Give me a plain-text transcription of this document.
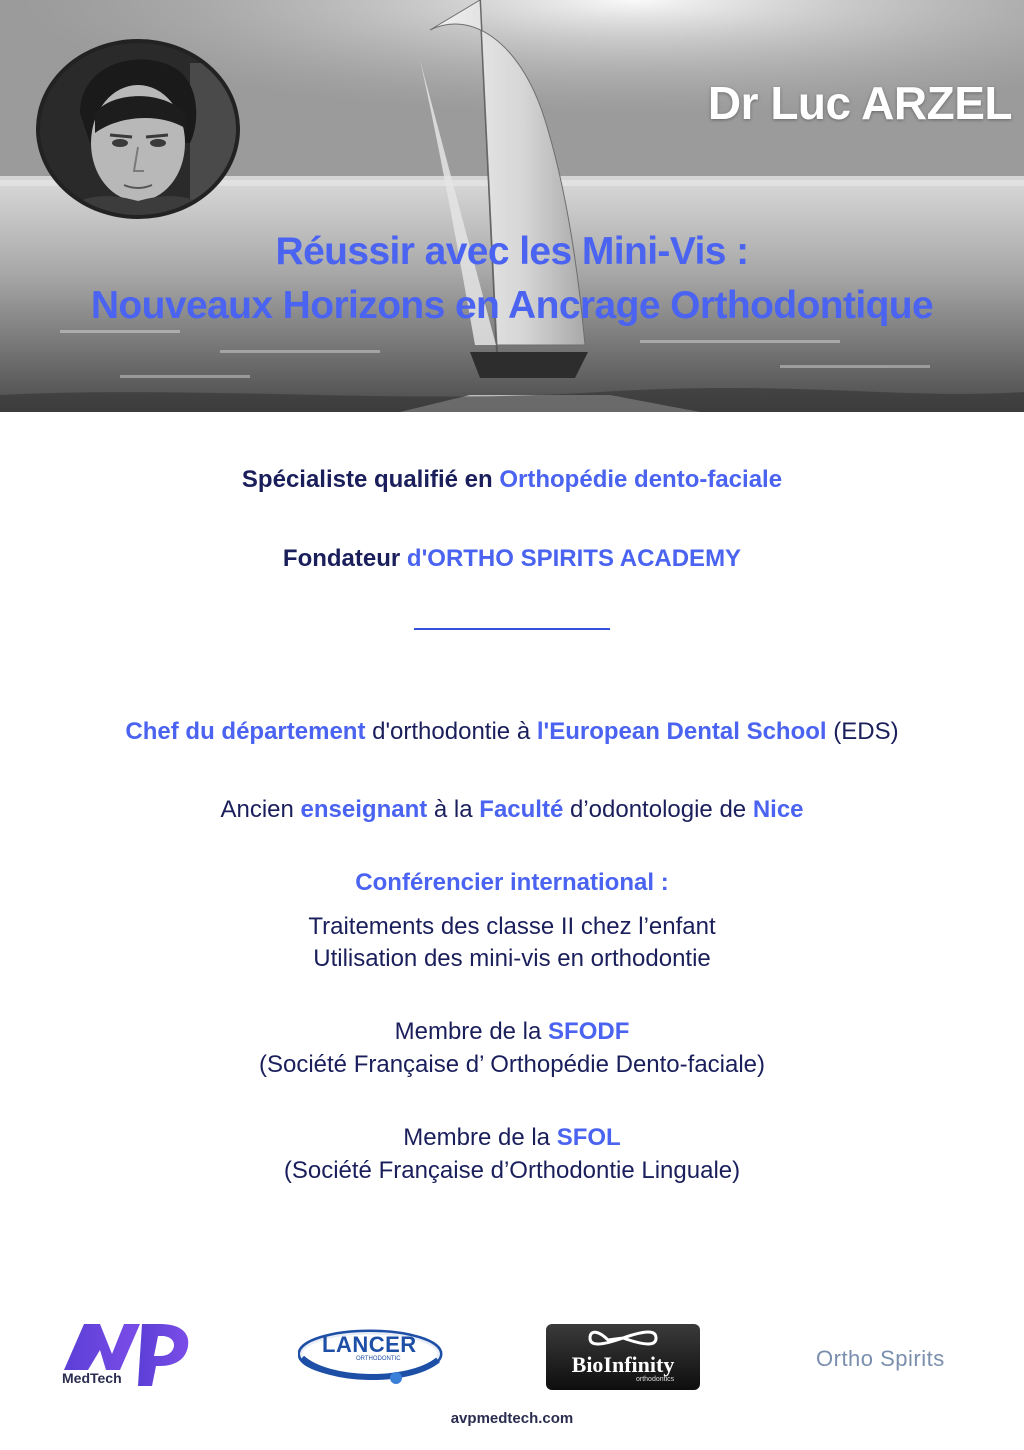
Dr Luc ARZEL
Réussir avec les Mini-Vis :
Nouveaux Horizons en Ancrage Orthodontique
Spécialiste qualifié en Orthopédie dento-faciale
Fondateur d'ORTHO SPIRITS ACADEMY
Chef du département d'orthodontie à l'European Dental School (EDS)
Ancien enseignant à la Faculté d’odontologie de Nice
Conférencier international :
Traitements des classe II chez l’enfant
Utilisation des mini-vis en orthodontie
Membre de la SFODF
(Société Française d’ Orthopédie Dento-faciale)
Membre de la SFOL
(Société Française d’Orthodontie Linguale)
MedTech
LANCER
ORTHODONTIC	BioInfinity
orthodontics
Ortho Spirits
avpmedtech.com
